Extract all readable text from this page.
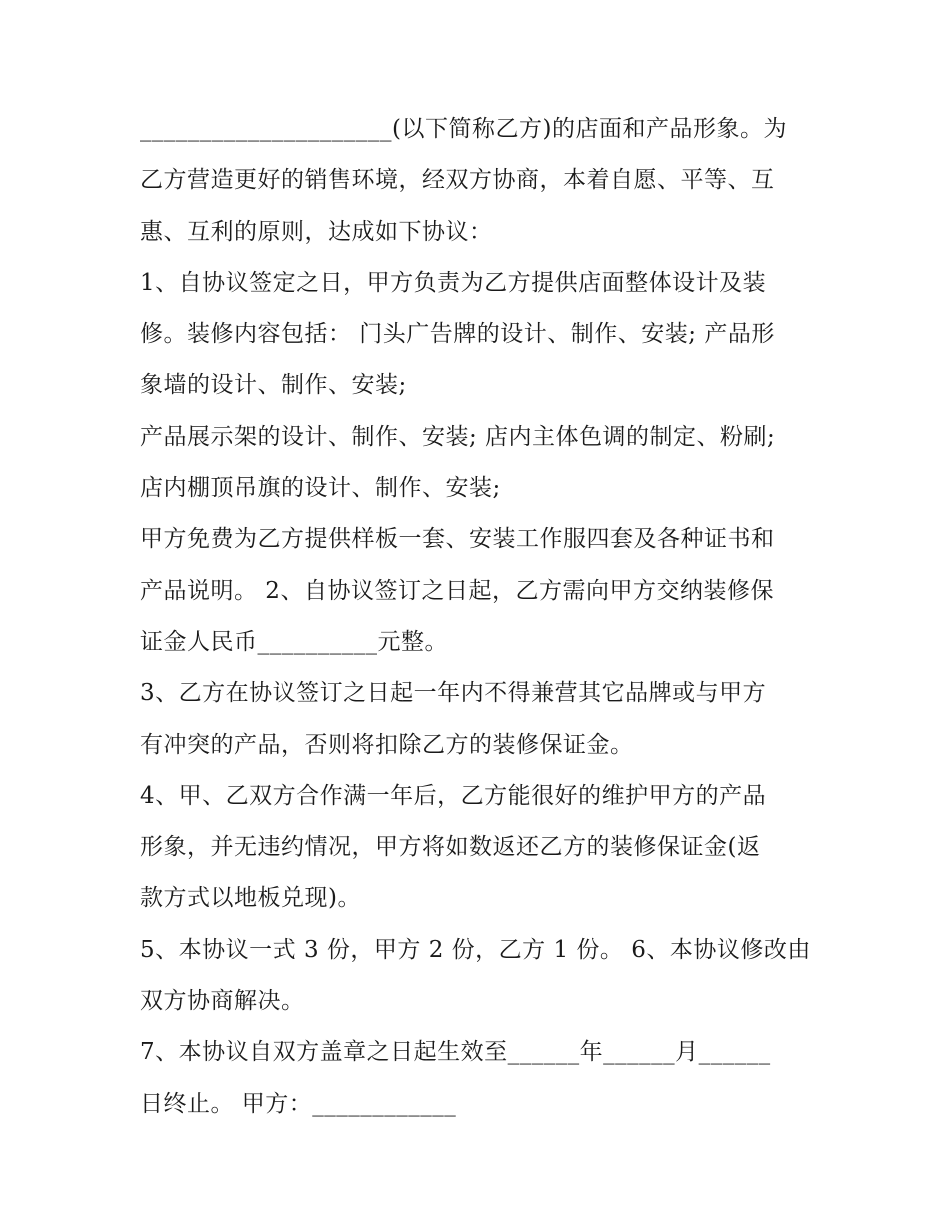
_____________________(以下简称乙方)的店面和产品形象。为
乙方营造更好的销售环境，经双方协商，本着自愿、平等、互
惠、互利的原则，达成如下协议：
1、自协议签定之日，甲方负责为乙方提供店面整体设计及装
修。装修内容包括： 门头广告牌的设计、制作、安装; 产品形
象墙的设计、制作、安装;
产品展示架的设计、制作、安装; 店内主体色调的制定、粉刷;
店内棚顶吊旗的设计、制作、安装;
甲方免费为乙方提供样板一套、安装工作服四套及各种证书和
产品说明。 2、自协议签订之日起，乙方需向甲方交纳装修保
证金人民币__________元整。
3、乙方在协议签订之日起一年内不得兼营其它品牌或与甲方
有冲突的产品，否则将扣除乙方的装修保证金。
4、甲、乙双方合作满一年后，乙方能很好的维护甲方的产品
形象，并无违约情况，甲方将如数返还乙方的装修保证金(返
款方式以地板兑现)。
5、本协议一式 3 份，甲方 2 份，乙方 1 份。 6、本协议修改由
双方协商解决。
7、本协议自双方盖章之日起生效至______年______月______
日终止。 甲方：____________
